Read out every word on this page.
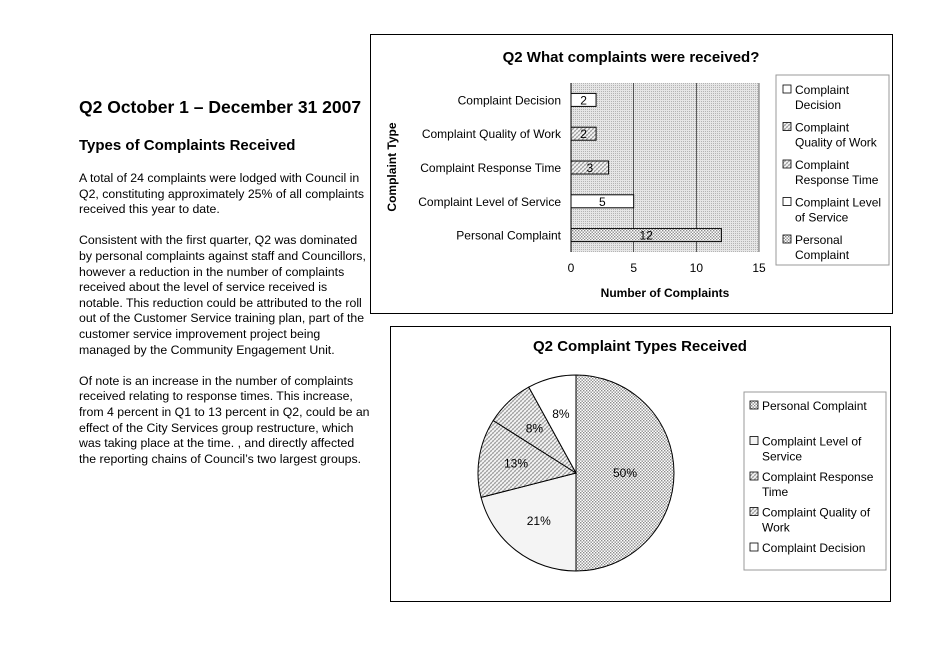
Q2 October 1 – December 31 2007
Types of Complaints Received

A total of 24 complaints were lodged with Council in Q2, constituting approximately 25% of all complaints received this year to date.

Consistent with the first quarter, Q2 was dominated by personal complaints against staff and Councillors, however a reduction in the number of complaints received about the level of service received is notable. This reduction could be attributed to the roll out of the Customer Service training plan, part of the customer service improvement project being managed by the Community Engagement Unit.

Of note is an increase in the number of complaints received relating to response times. This increase, from 4 percent in Q1 to 13 percent in Q2, could be an effect of the City Services group restructure, which was taking place at the time. , and directly affected the reporting chains of Council’s two largest groups.

Q2 What complaints were received?
0	5	10	15
Complaint Decision 2
Complaint Quality of Work 2
Complaint Response Time 3
Complaint Level of Service	5
Personal Complaint	12
Number of Complaints
Complaint Type
Complaint Decision
Complaint Quality of Work
Complaint Response Time
Complaint Level of Service
Personal Complaint
Q2 Complaint Types Received
50%
21%
13%
8%
8%
Personal Complaint
Complaint Level of Service
Complaint Response Time
Complaint Quality of Work
Complaint Decision
